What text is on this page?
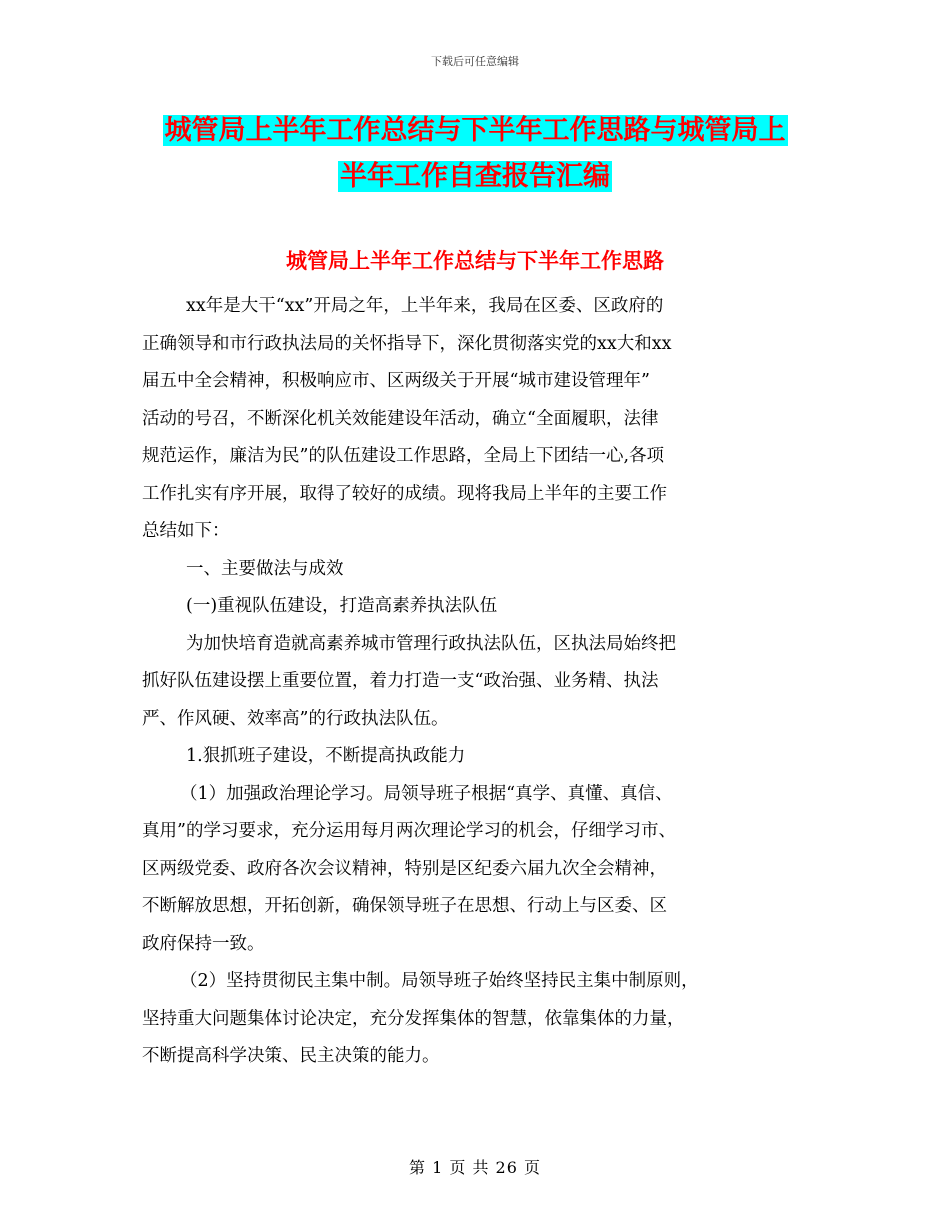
下载后可任意编辑
城管局上半年工作总结与下半年工作思路与城管局上
半年工作自查报告汇编
城管局上半年工作总结与下半年工作思路
xx年是大干“xx”开局之年，上半年来，我局在区委、区政府的
正确领导和市行政执法局的关怀指导下，深化贯彻落实党的xx大和xx
届五中全会精神，积极响应市、区两级关于开展“城市建设管理年”
活动的号召，不断深化机关效能建设年活动，确立“全面履职，法律
规范运作，廉洁为民”的队伍建设工作思路，全局上下团结一心,各项
工作扎实有序开展，取得了较好的成绩。现将我局上半年的主要工作
总结如下：
一、主要做法与成效
(一)重视队伍建设，打造高素养执法队伍
为加快培育造就高素养城市管理行政执法队伍，区执法局始终把
抓好队伍建设摆上重要位置，着力打造一支“政治强、业务精、执法
严、作风硬、效率高”的行政执法队伍。
1.狠抓班子建设，不断提高执政能力
（1）加强政治理论学习。局领导班子根据“真学、真懂、真信、
真用”的学习要求，充分运用每月两次理论学习的机会，仔细学习市、
区两级党委、政府各次会议精神，特别是区纪委六届九次全会精神，
不断解放思想，开拓创新，确保领导班子在思想、行动上与区委、区
政府保持一致。
（2）坚持贯彻民主集中制。局领导班子始终坚持民主集中制原则，
坚持重大问题集体讨论决定，充分发挥集体的智慧，依靠集体的力量，
不断提高科学决策、民主决策的能力。
第 1 页 共 26 页
